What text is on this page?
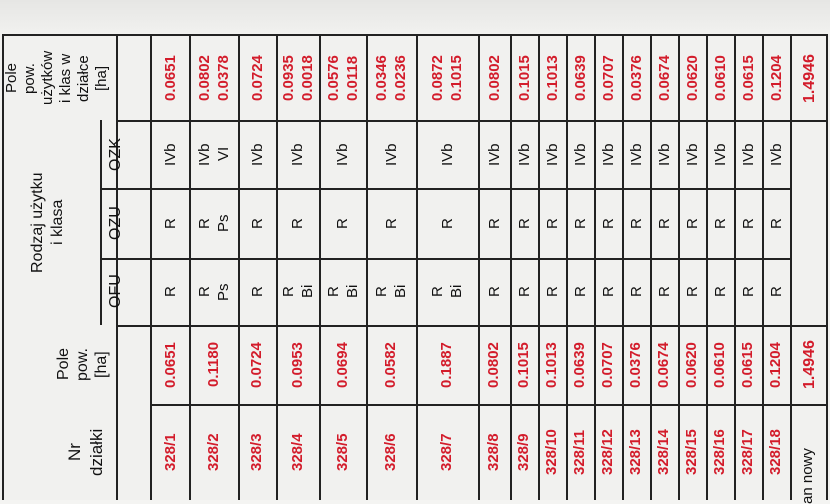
Nr działki
Pole pow. [ha]
Rodzaj użytku i klasa
OFU
OZU
OZK
Pole pow. użytków i klas w działce [ha]
328/1
0.0651
R
R
IVb
0.0651
328/2
0.1180
R Ps
R Ps
IVb VI
0.0802 0.0378
328/3
0.0724
R
R
IVb
0.0724
328/4
0.0953
R Bi
R
IVb
0.0935 0.0018
328/5
0.0694
R Bi
R
IVb
0.0576 0.0118
328/6
0.0582
R Bi
R
IVb
0.0346 0.0236
328/7
0.1887
R Bi
R
IVb
0.0872 0.1015
328/8
0.0802
R
R
IVb
0.0802
328/9
0.1015
R
R
IVb
0.1015
328/10
0.1013
R
R
IVb
0.1013
328/11
0.0639
R
R
IVb
0.0639
328/12
0.0707
R
R
IVb
0.0707
328/13
0.0376
R
R
IVb
0.0376
328/14
0.0674
R
R
IVb
0.0674
328/15
0.0620
R
R
IVb
0.0620
328/16
0.0610
R
R
IVb
0.0610
328/17
0.0615
R
R
IVb
0.0615
328/18
0.1204
R
R
IVb
0.1204
1.4946
1.4946
an nowy
